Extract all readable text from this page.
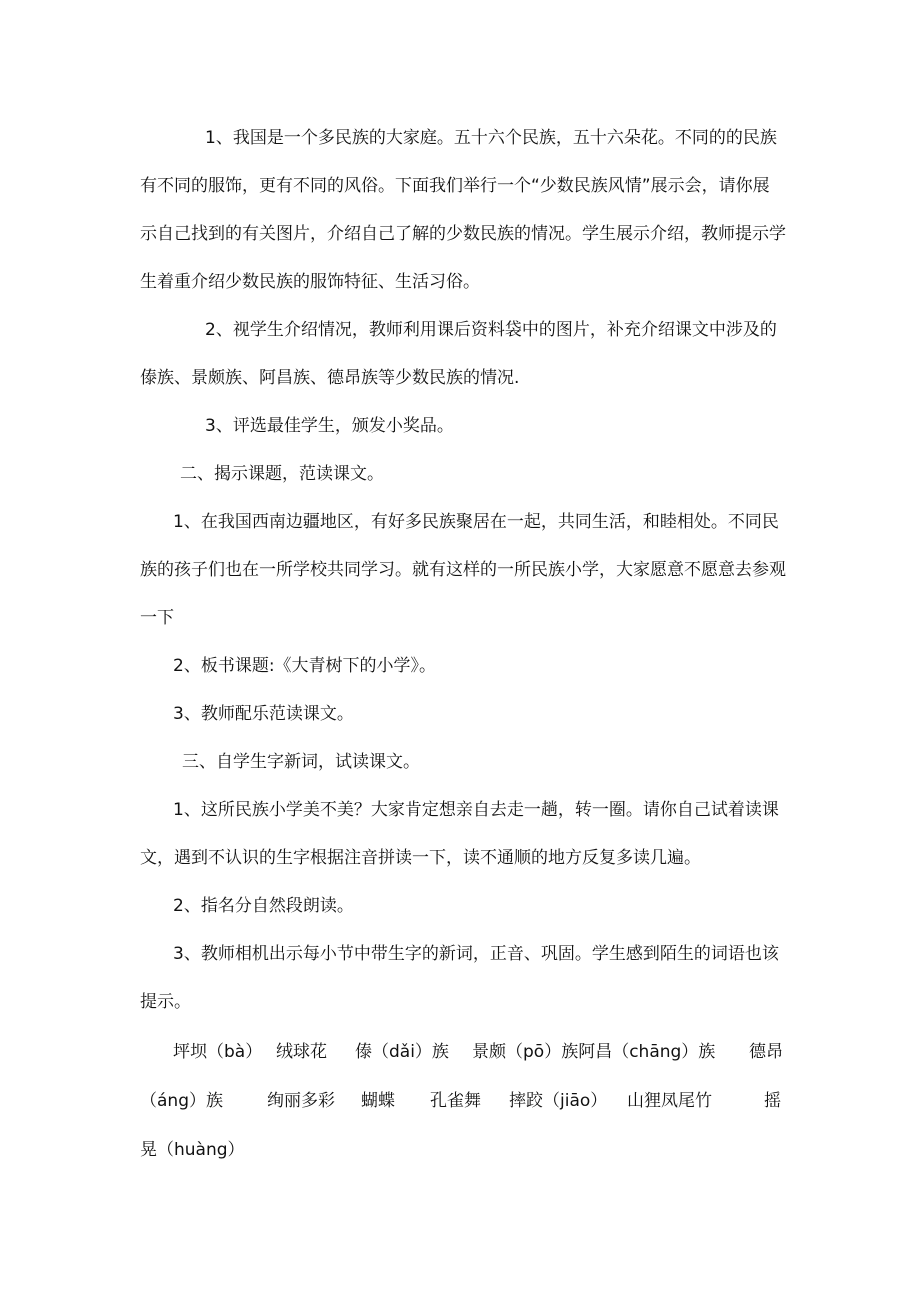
1、我国是一个多民族的大家庭。五十六个民族，五十六朵花。不同的的民族
有不同的服饰，更有不同的风俗。下面我们举行一个“少数民族风情”展示会，请你展
示自己找到的有关图片，介绍自己了解的少数民族的情况。学生展示介绍，教师提示学
生着重介绍少数民族的服饰特征、生活习俗。
2、视学生介绍情况，教师利用课后资料袋中的图片，补充介绍课文中涉及的
傣族、景颇族、阿昌族、德昂族等少数民族的情况.
3、评选最佳学生，颁发小奖品。
二、揭示课题，范读课文。
1、在我国西南边疆地区，有好多民族聚居在一起，共同生活，和睦相处。不同民
族的孩子们也在一所学校共同学习。就有这样的一所民族小学，大家愿意不愿意去参观
一下
2、板书课题:《大青树下的小学》。
3、教师配乐范读课文。
三、自学生字新词，试读课文。
1、这所民族小学美不美？大家肯定想亲自去走一趟，转一圈。请你自己试着读课
文，遇到不认识的生字根据注音拼读一下，读不通顺的地方反复多读几遍。
2、指名分自然段朗读。
3、教师相机出示每小节中带生字的新词，正音、巩固。学生感到陌生的词语也该
提示。
坪坝（bà） 绒球花 傣（dǎi）族 景颇（pō）族阿昌（chāng）族 德昂
（áng）族	绚丽多彩 蝴蝶 孔雀舞 摔跤（jiāo） 山狸凤尾竹	摇
晃（huàng）
